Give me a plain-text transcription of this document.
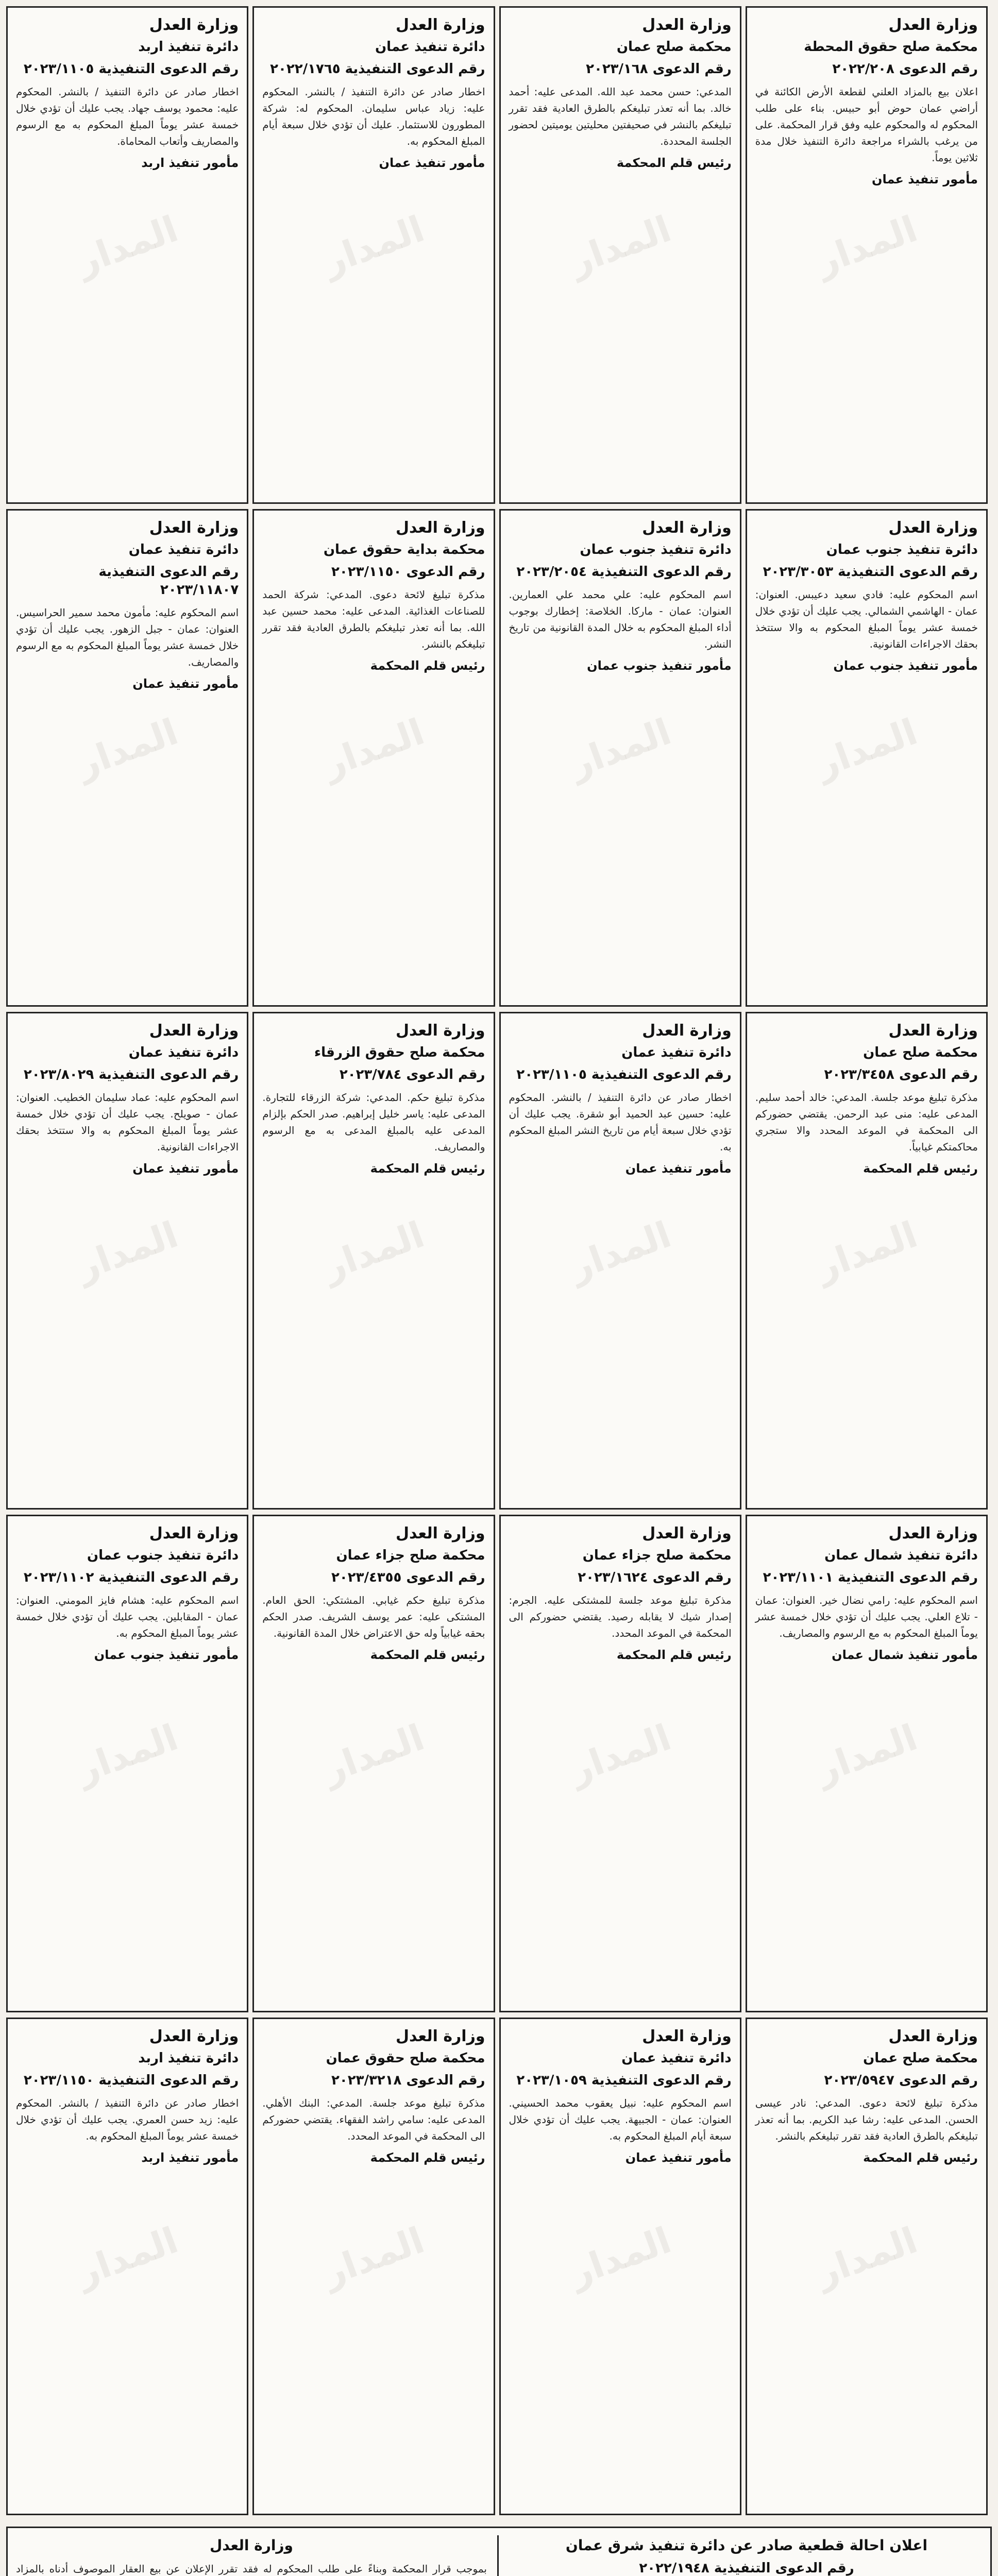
المدار
وزارة العدل
محكمة صلح حقوق المحطة
رقم الدعوى ٢٠٢٢/٢٠٨
اعلان بيع بالمزاد العلني لقطعة الأرض الكائنة في أراضي عمان حوض أبو حبيس. بناء على طلب المحكوم له والمحكوم عليه وفق قرار المحكمة. على من يرغب بالشراء مراجعة دائرة التنفيذ خلال مدة ثلاثين يوماً.
مأمور تنفيذ عمان
المدار
وزارة العدل
محكمة صلح عمان
رقم الدعوى ٢٠٢٣/١٦٨
المدعي: حسن محمد عبد الله. المدعى عليه: أحمد خالد. بما أنه تعذر تبليغكم بالطرق العادية فقد تقرر تبليغكم بالنشر في صحيفتين محليتين يوميتين لحضور الجلسة المحددة.
رئيس قلم المحكمة
المدار
وزارة العدل
دائرة تنفيذ عمان
رقم الدعوى التنفيذية ٢٠٢٢/١٧٦٥
اخطار صادر عن دائرة التنفيذ / بالنشر. المحكوم عليه: زياد عباس سليمان. المحكوم له: شركة المطورون للاستثمار. عليك أن تؤدي خلال سبعة أيام المبلغ المحكوم به.
مأمور تنفيذ عمان
المدار
وزارة العدل
دائرة تنفيذ اربد
رقم الدعوى التنفيذية ٢٠٢٣/١١٠٥
اخطار صادر عن دائرة التنفيذ / بالنشر. المحكوم عليه: محمود يوسف جهاد. يجب عليك أن تؤدي خلال خمسة عشر يوماً المبلغ المحكوم به مع الرسوم والمصاريف وأتعاب المحاماة.
مأمور تنفيذ اربد
المدار
وزارة العدل
دائرة تنفيذ جنوب عمان
رقم الدعوى التنفيذية ٢٠٢٣/٣٠٥٣
اسم المحكوم عليه: فادي سعيد دعيبس. العنوان: عمان - الهاشمي الشمالي. يجب عليك أن تؤدي خلال خمسة عشر يوماً المبلغ المحكوم به والا ستتخذ بحقك الاجراءات القانونية.
مأمور تنفيذ جنوب عمان
المدار
وزارة العدل
دائرة تنفيذ جنوب عمان
رقم الدعوى التنفيذية ٢٠٢٣/٢٠٥٤
اسم المحكوم عليه: علي محمد علي العمارين. العنوان: عمان - ماركا. الخلاصة: إخطارك بوجوب أداء المبلغ المحكوم به خلال المدة القانونية من تاريخ النشر.
مأمور تنفيذ جنوب عمان
المدار
وزارة العدل
محكمة بداية حقوق عمان
رقم الدعوى ٢٠٢٣/١١٥٠
مذكرة تبليغ لائحة دعوى. المدعي: شركة الحمد للصناعات الغذائية. المدعى عليه: محمد حسين عبد الله. بما أنه تعذر تبليغكم بالطرق العادية فقد تقرر تبليغكم بالنشر.
رئيس قلم المحكمة
المدار
وزارة العدل
دائرة تنفيذ عمان
رقم الدعوى التنفيذية ٢٠٢٣/١١٨٠٧
اسم المحكوم عليه: مأمون محمد سمير الحراسيس. العنوان: عمان - جبل الزهور. يجب عليك أن تؤدي خلال خمسة عشر يوماً المبلغ المحكوم به مع الرسوم والمصاريف.
مأمور تنفيذ عمان
المدار
وزارة العدل
محكمة صلح عمان
رقم الدعوى ٢٠٢٣/٣٤٥٨
مذكرة تبليغ موعد جلسة. المدعي: خالد أحمد سليم. المدعى عليه: منى عبد الرحمن. يقتضي حضوركم الى المحكمة في الموعد المحدد والا ستجري محاكمتكم غيابياً.
رئيس قلم المحكمة
المدار
وزارة العدل
دائرة تنفيذ عمان
رقم الدعوى التنفيذية ٢٠٢٣/١١٠٥
اخطار صادر عن دائرة التنفيذ / بالنشر. المحكوم عليه: حسين عبد الحميد أبو شقرة. يجب عليك أن تؤدي خلال سبعة أيام من تاريخ النشر المبلغ المحكوم به.
مأمور تنفيذ عمان
المدار
وزارة العدل
محكمة صلح حقوق الزرقاء
رقم الدعوى ٢٠٢٣/٧٨٤
مذكرة تبليغ حكم. المدعي: شركة الزرقاء للتجارة. المدعى عليه: ياسر خليل إبراهيم. صدر الحكم بإلزام المدعى عليه بالمبلغ المدعى به مع الرسوم والمصاريف.
رئيس قلم المحكمة
المدار
وزارة العدل
دائرة تنفيذ عمان
رقم الدعوى التنفيذية ٢٠٢٣/٨٠٢٩
اسم المحكوم عليه: عماد سليمان الخطيب. العنوان: عمان - صويلح. يجب عليك أن تؤدي خلال خمسة عشر يوماً المبلغ المحكوم به والا ستتخذ بحقك الاجراءات القانونية.
مأمور تنفيذ عمان
المدار
وزارة العدل
دائرة تنفيذ شمال عمان
رقم الدعوى التنفيذية ٢٠٢٣/١١٠١
اسم المحكوم عليه: رامي نضال خير. العنوان: عمان - تلاع العلي. يجب عليك أن تؤدي خلال خمسة عشر يوماً المبلغ المحكوم به مع الرسوم والمصاريف.
مأمور تنفيذ شمال عمان
المدار
وزارة العدل
محكمة صلح جزاء عمان
رقم الدعوى ٢٠٢٣/١٦٢٤
مذكرة تبليغ موعد جلسة للمشتكى عليه. الجرم: إصدار شيك لا يقابله رصيد. يقتضي حضوركم الى المحكمة في الموعد المحدد.
رئيس قلم المحكمة
المدار
وزارة العدل
محكمة صلح جزاء عمان
رقم الدعوى ٢٠٢٣/٤٣٥٥
مذكرة تبليغ حكم غيابي. المشتكي: الحق العام. المشتكى عليه: عمر يوسف الشريف. صدر الحكم بحقه غيابياً وله حق الاعتراض خلال المدة القانونية.
رئيس قلم المحكمة
المدار
وزارة العدل
دائرة تنفيذ جنوب عمان
رقم الدعوى التنفيذية ٢٠٢٣/١١٠٢
اسم المحكوم عليه: هشام فايز المومني. العنوان: عمان - المقابلين. يجب عليك أن تؤدي خلال خمسة عشر يوماً المبلغ المحكوم به.
مأمور تنفيذ جنوب عمان
المدار
وزارة العدل
محكمة صلح عمان
رقم الدعوى ٢٠٢٣/٥٩٤٧
مذكرة تبليغ لائحة دعوى. المدعي: نادر عيسى الحسن. المدعى عليه: رشا عبد الكريم. بما أنه تعذر تبليغكم بالطرق العادية فقد تقرر تبليغكم بالنشر.
رئيس قلم المحكمة
المدار
وزارة العدل
دائرة تنفيذ عمان
رقم الدعوى التنفيذية ٢٠٢٣/١٠٥٩
اسم المحكوم عليه: نبيل يعقوب محمد الحسيني. العنوان: عمان - الجبيهة. يجب عليك أن تؤدي خلال سبعة أيام المبلغ المحكوم به.
مأمور تنفيذ عمان
المدار
وزارة العدل
محكمة صلح حقوق عمان
رقم الدعوى ٢٠٢٣/٣٢١٨
مذكرة تبليغ موعد جلسة. المدعي: البنك الأهلي. المدعى عليه: سامي راشد الفقهاء. يقتضي حضوركم الى المحكمة في الموعد المحدد.
رئيس قلم المحكمة
المدار
وزارة العدل
دائرة تنفيذ اربد
رقم الدعوى التنفيذية ٢٠٢٣/١١٥٠
اخطار صادر عن دائرة التنفيذ / بالنشر. المحكوم عليه: زيد حسن العمري. يجب عليك أن تؤدي خلال خمسة عشر يوماً المبلغ المحكوم به.
مأمور تنفيذ اربد
اعلان احالة قطعية صادر عن دائرة تنفيذ شرق عمان
رقم الدعوى التنفيذية ٢٠٢٢/١٩٤٨

وزارة العدل
بموجب قرار المحكمة وبناءً على طلب المحكوم له فقد تقرر الإعلان عن بيع العقار الموصوف أدناه بالمزاد
